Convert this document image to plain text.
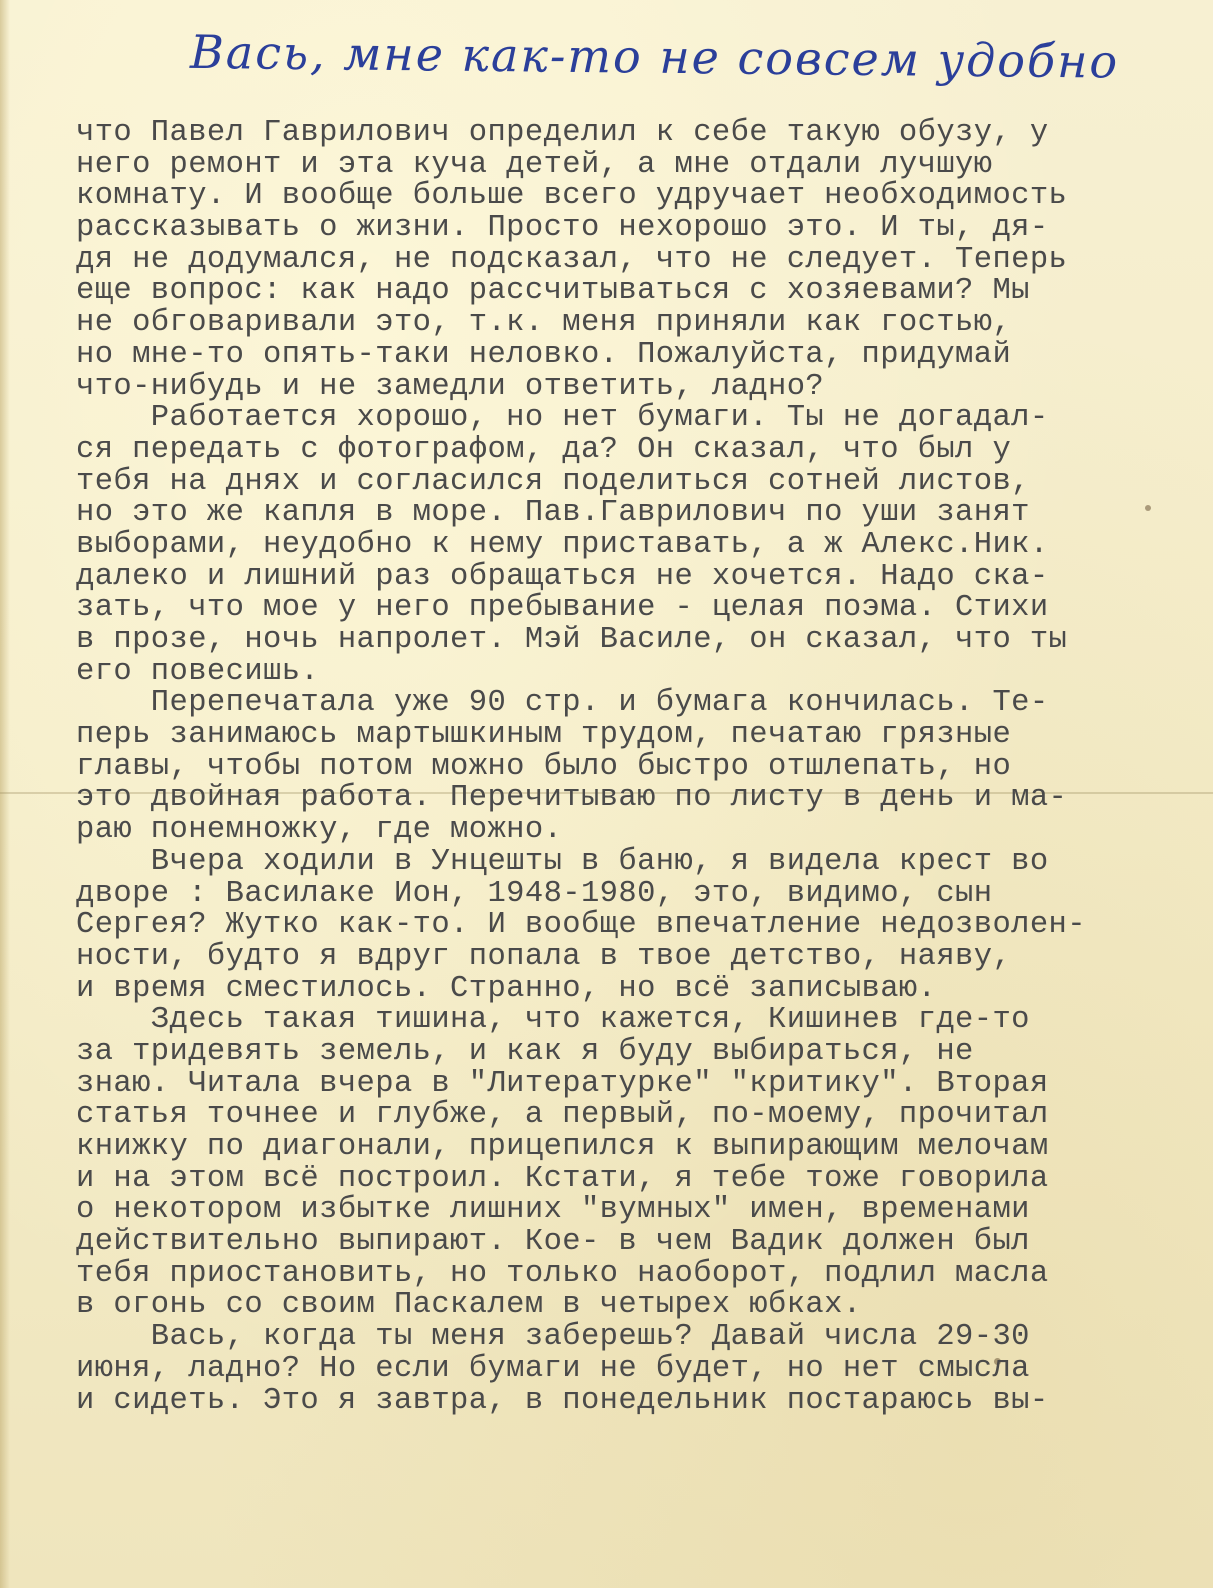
Вась, мне как-то не совсем удобно
что Павел Гаврилович определил к себе такую обузу, у
него ремонт и эта куча детей, а мне отдали лучшую
комнату. И вообще больше всего удручает необходимость
рассказывать о жизни. Просто нехорошо это. И ты, дя-
дя не додумался, не подсказал, что не следует. Теперь
еще вопрос: как надо рассчитываться с хозяевами? Мы
не обговаривали это, т.к. меня приняли как гостью,
но мне-то опять-таки неловко. Пожалуйста, придумай
что-нибудь и не замедли ответить, ладно?
Работается хорошо, но нет бумаги. Ты не догадал-
ся передать с фотографом, да? Он сказал, что был у
тебя на днях и согласился поделиться сотней листов,
но это же капля в море. Пав.Гаврилович по уши занят
выборами, неудобно к нему приставать, а ж Алекс.Ник.
далеко и лишний раз обращаться не хочется. Надо ска-
зать, что мое у него пребывание - целая поэма. Стихи
в прозе, ночь напролет. Мэй Василе, он сказал, что ты
его повесишь.
Перепечатала уже 90 стр. и бумага кончилась. Те-
перь занимаюсь мартышкиным трудом, печатаю грязные
главы, чтобы потом можно было быстро отшлепать, но
это двойная работа. Перечитываю по листу в день и ма-
раю понемножку, где можно.
Вчера ходили в Унцешты в баню, я видела крест во
дворе : Василаке Ион, 1948-1980, это, видимо, сын
Сергея? Жутко как-то. И вообще впечатление недозволен-
ности, будто я вдруг попала в твое детство, наяву,
и время сместилось. Странно, но всё записываю.
Здесь такая тишина, что кажется, Кишинев где-то
за тридевять земель, и как я буду выбираться, не
знаю. Читала вчера в "Литературке" "критику". Вторая
статья точнее и глубже, а первый, по-моему, прочитал
книжку по диагонали, прицепился к выпирающим мелочам
и на этом всё построил. Кстати, я тебе тоже говорила
о некотором избытке лишних "вумных" имен, временами
действительно выпирают. Кое- в чем Вадик должен был
тебя приостановить, но только наоборот, подлил масла
в огонь со своим Паскалем в четырех юбках.
Вась, когда ты меня заберешь? Давай числа 29-30
июня, ладно? Но если бумаги не будет, но нет смысла
и сидеть. Это я завтра, в понедельник постараюсь вы-
